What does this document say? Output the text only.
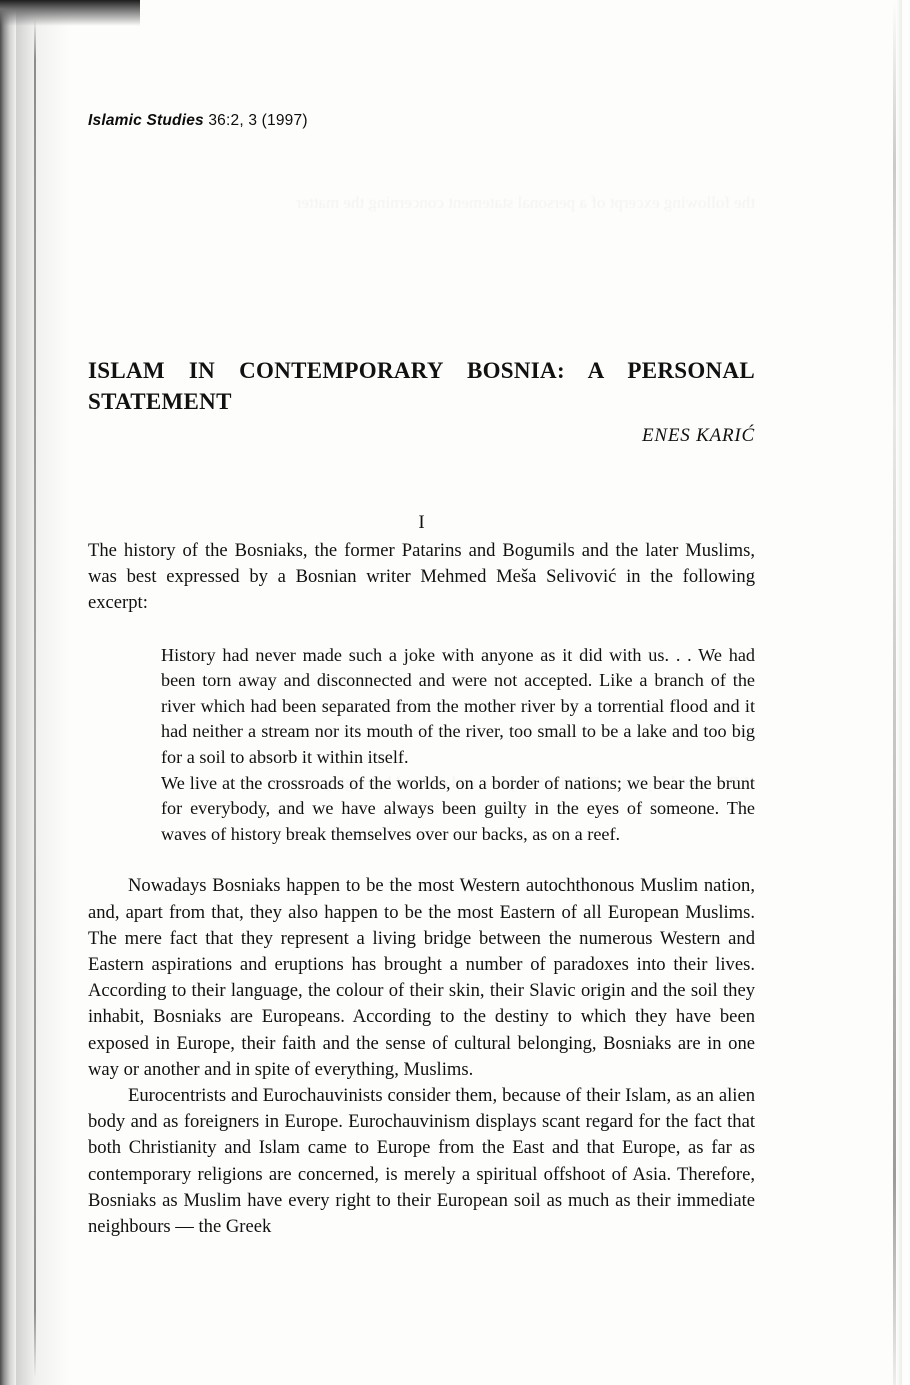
Islamic Studies 36:2, 3 (1997)
ISLAM IN CONTEMPORARY BOSNIA: A PERSONAL
STATEMENT
ENES KARIĆ
I

The history of the Bosniaks, the former Patarins and Bogumils and the later Muslims, was best expressed by a Bosnian writer Mehmed Meša Selivović in the following excerpt:

History had never made such a joke with anyone as it did with us. . . We had been torn away and disconnected and were not accepted. Like a branch of the river which had been separated from the mother river by a torrential flood and it had neither a stream nor its mouth of the river, too small to be a lake and too big for a soil to absorb it within itself.

We live at the crossroads of the worlds, on a border of nations; we bear the brunt for everybody, and we have always been guilty in the eyes of someone. The waves of history break themselves over our backs, as on a reef.

Nowadays Bosniaks happen to be the most Western autochthonous Muslim nation, and, apart from that, they also happen to be the most Eastern of all European Muslims. The mere fact that they represent a living bridge between the numerous Western and Eastern aspirations and eruptions has brought a number of paradoxes into their lives. According to their language, the colour of their skin, their Slavic origin and the soil they inhabit, Bosniaks are Europeans. According to the destiny to which they have been exposed in Europe, their faith and the sense of cultural belonging, Bosniaks are in one way or another and in spite of everything, Muslims.

Eurocentrists and Eurochauvinists consider them, because of their Islam, as an alien body and as foreigners in Europe. Eurochauvinism displays scant regard for the fact that both Christianity and Islam came to Europe from the East and that Europe, as far as contemporary religions are concerned, is merely a spiritual offshoot of Asia. Therefore, Bosniaks as Muslim have every right to their European soil as much as their immediate neighbours — the Greek
